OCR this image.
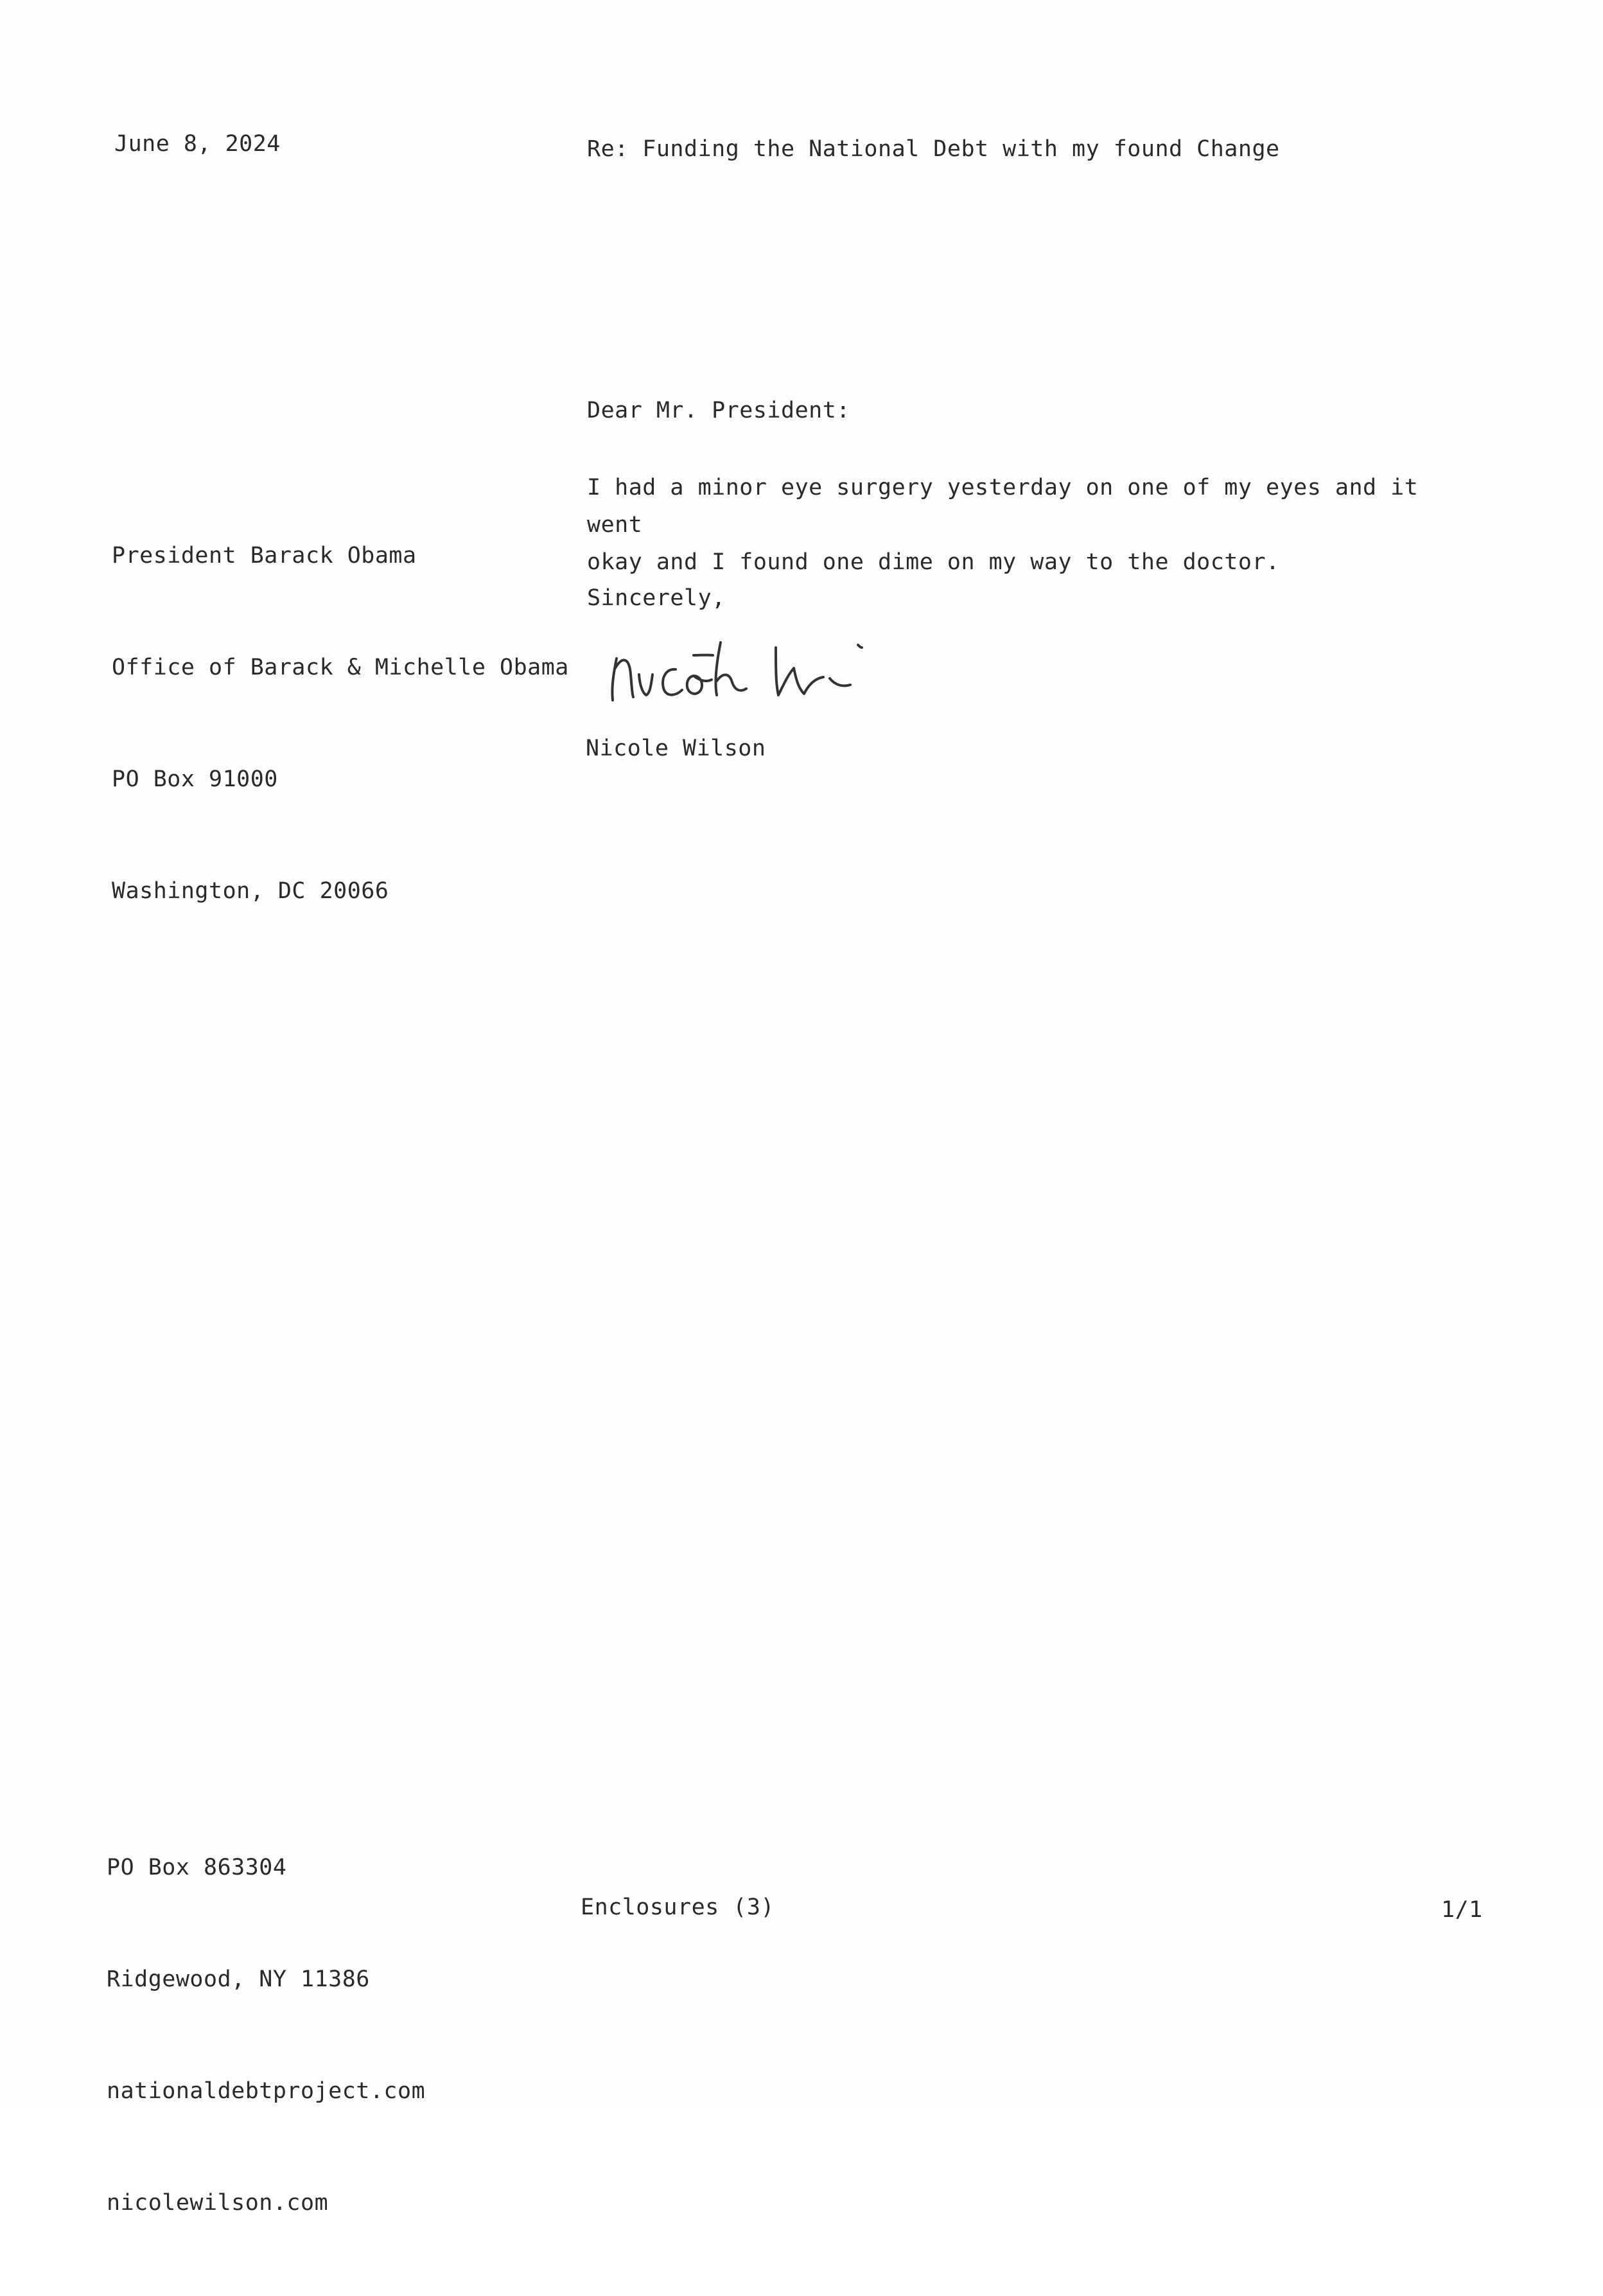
June 8, 2024	Re: Funding the National Debt with my found Change
Dear Mr. President:

President Barack Obama

Office of Barack & Michelle Obama

PO Box 91000

Washington, DC 20066

I had a minor eye surgery yesterday on one of my eyes and it went
okay and I found one dime on my way to the doctor.
Sincerely,
Nicole Wilson

PO Box 863304

Ridgewood, NY 11386

nationaldebtproject.com

nicolewilson.com

Enclosures (3)	1/1
